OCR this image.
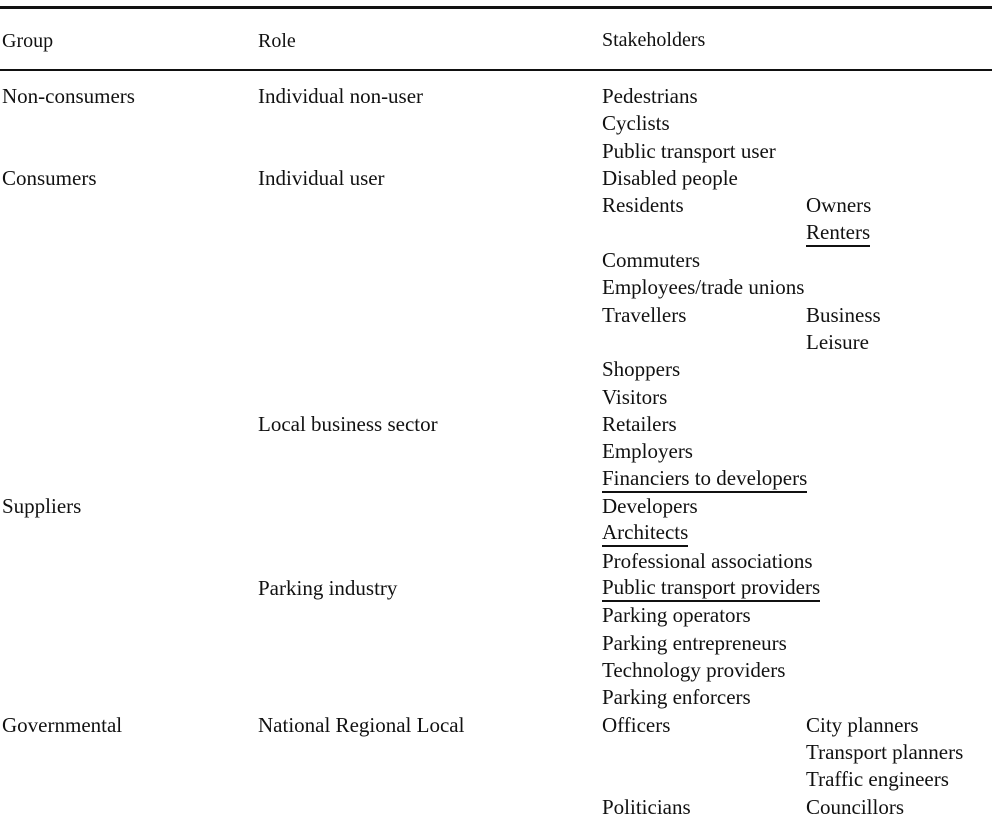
Group	Role	Stakeholders
Non-consumers
Consumers
Suppliers
Governmental
Individual non-user
Individual user
Local business sector
Parking industry
National Regional Local
Pedestrians
Cyclists
Public transport user
Disabled people
Residents
Commuters
Employees/trade unions
Travellers
Shoppers
Visitors
Retailers
Employers
Financiers to developers
Developers
Architects
Professional associations
Public transport providers
Parking operators
Parking entrepreneurs
Technology providers
Parking enforcers
Officers
Politicians
Owners
Renters
Business
Leisure
City planners
Transport planners
Traffic engineers
Councillors
